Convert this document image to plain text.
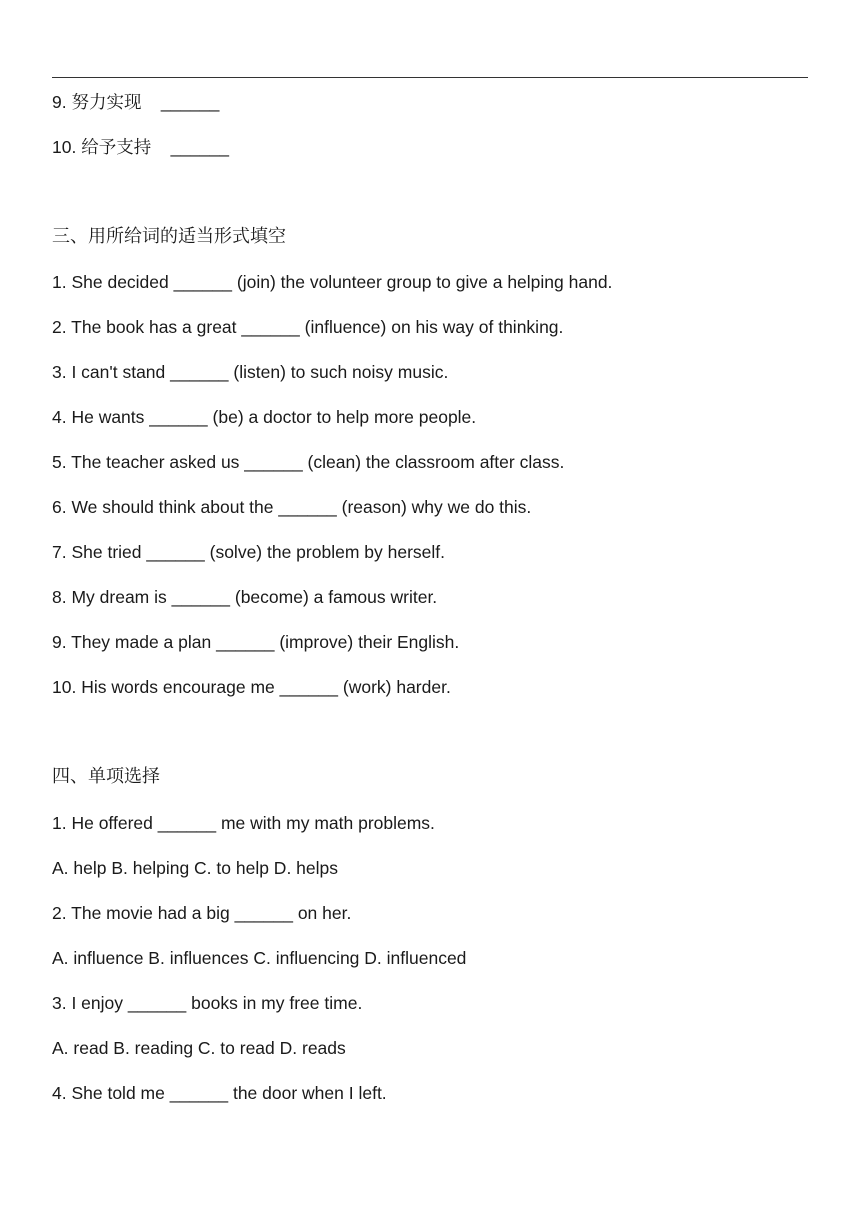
9. 努力实现    ______
10. 给予支持    ______
三、用所给词的适当形式填空
1. She decided ______ (join) the volunteer group to give a helping hand.
2. The book has a great ______ (influence) on his way of thinking.
3. I can't stand ______ (listen) to such noisy music.
4. He wants ______ (be) a doctor to help more people.
5. The teacher asked us ______ (clean) the classroom after class.
6. We should think about the ______ (reason) why we do this.
7. She tried ______ (solve) the problem by herself.
8. My dream is ______ (become) a famous writer.
9. They made a plan ______ (improve) their English.
10. His words encourage me ______ (work) harder.
四、单项选择
1. He offered ______ me with my math problems.
A. help B. helping C. to help D. helps
2. The movie had a big ______ on her.
A. influence B. influences C. influencing D. influenced
3. I enjoy ______ books in my free time.
A. read B. reading C. to read D. reads
4. She told me ______ the door when I left.
